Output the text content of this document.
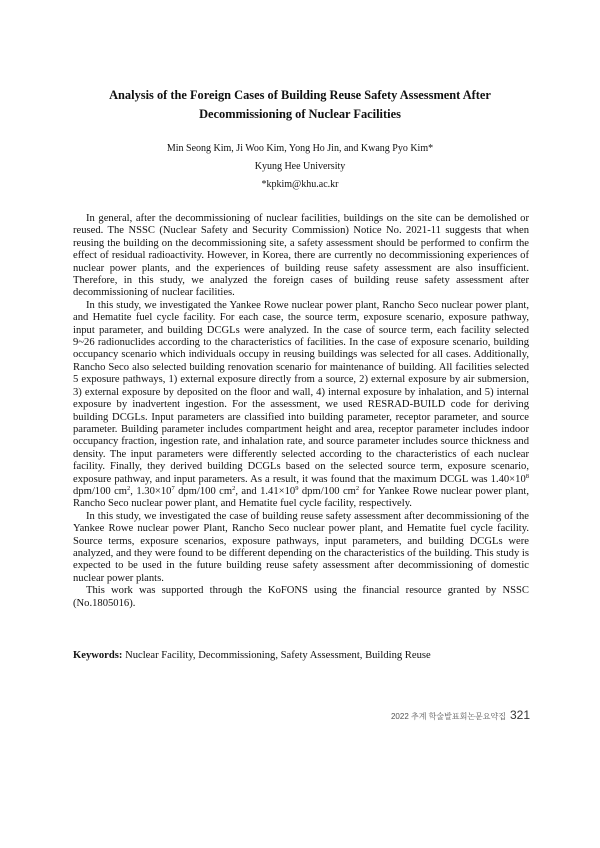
Analysis of the Foreign Cases of Building Reuse Safety Assessment After
Decommissioning of Nuclear Facilities
Min Seong Kim, Ji Woo Kim, Yong Ho Jin, and Kwang Pyo Kim*
Kyung Hee University
*kpkim@khu.ac.kr

In general, after the decommissioning of nuclear facilities, buildings on the site can be demolished or reused. The NSSC (Nuclear Safety and Security Commission) Notice No. 2021-11 suggests that when reusing the building on the decommissioning site, a safety assessment should be performed to confirm the effect of residual radioactivity. However, in Korea, there are currently no decommissioning experiences of nuclear power plants, and the experiences of building reuse safety assessment are also insufficient. Therefore, in this study, we analyzed the foreign cases of building reuse safety assessment after decommissioning of nuclear facilities.

In this study, we investigated the Yankee Rowe nuclear power plant, Rancho Seco nuclear power plant, and Hematite fuel cycle facility. For each case, the source term, exposure scenario, exposure pathway, input parameter, and building DCGLs were analyzed. In the case of source term, each facility selected 9~26 radionuclides according to the characteristics of facilities. In the case of exposure scenario, building occupancy scenario which individuals occupy in reusing buildings was selected for all cases. Additionally, Rancho Seco also selected building renovation scenario for maintenance of building. All facilities selected 5 exposure pathways, 1) external exposure directly from a source, 2) external exposure by air submersion, 3) external exposure by deposited on the floor and wall, 4) internal exposure by inhalation, and 5) internal exposure by inadvertent ingestion. For the assessment, we used RESRAD-BUILD code for deriving building DCGLs. Input parameters are classified into building parameter, receptor parameter, and source parameter. Building parameter includes compartment height and area, receptor parameter includes indoor occupancy fraction, ingestion rate, and inhalation rate, and source parameter includes source thickness and density. The input parameters were differently selected according to the characteristics of each nuclear facility. Finally, they derived building DCGLs based on the selected source term, exposure scenario, exposure pathway, and input parameters. As a result, it was found that the maximum DCGL was $1.40\times 10^8$ dpm/100 $cm^2$, $1.30\times 10^7$ dpm/100 $cm^2$, and $1.41\times 10^9$ dpm/100 $cm^2$ for Yankee Rowe nuclear power plant, Rancho Seco nuclear power plant, and Hematite fuel cycle facility, respectively.

In this study, we investigated the case of building reuse safety assessment after decommissioning of the Yankee Rowe nuclear power Plant, Rancho Seco nuclear power plant, and Hematite fuel cycle facility. Source terms, exposure scenarios, exposure pathways, input parameters, and building DCGLs were analyzed, and they were found to be different depending on the characteristics of the building. This study is expected to be used in the future building reuse safety assessment after decommissioning of domestic nuclear power plants.

This work was supported through the KoFONS using the financial resource granted by NSSC (No.1805016).

Keywords: Nuclear Facility, Decommissioning, Safety Assessment, Building Reuse
2022 추계 학술발표회논문요약집 321
